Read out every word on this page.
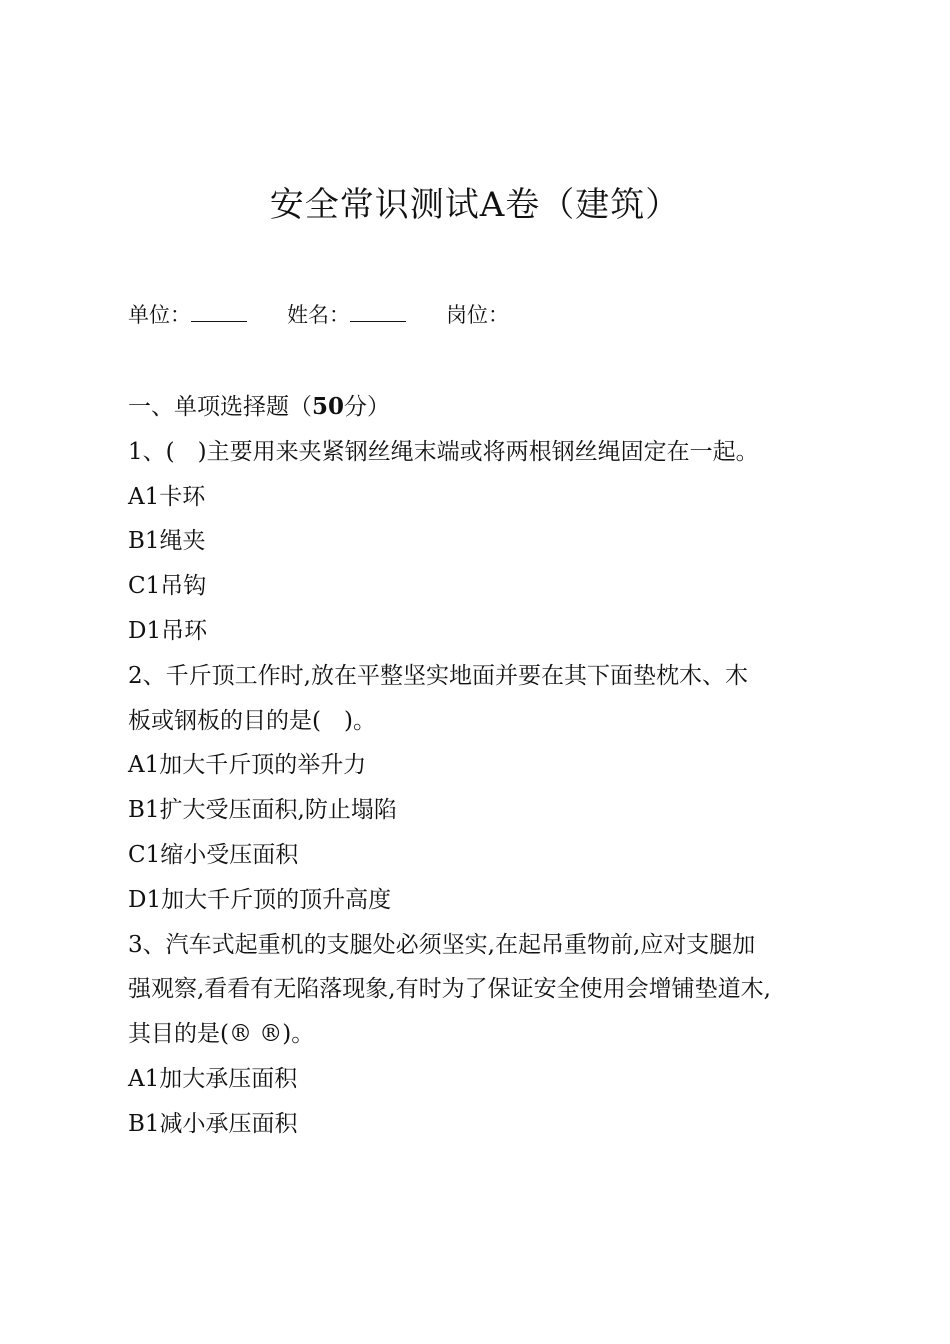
安全常识测试A卷（建筑）
单位：	姓名：	岗位：
一、单项选择题（50分）
1、(　)主要用来夹紧钢丝绳末端或将两根钢丝绳固定在一起。
A1卡环
B1绳夹
C1吊钩
D1吊环
2、千斤顶工作时,放在平整坚实地面并要在其下面垫枕木、木
板或钢板的目的是(　)。
A1加大千斤顶的举升力
B1扩大受压面积,防止塌陷
C1缩小受压面积
D1加大千斤顶的顶升高度
3、汽车式起重机的支腿处必须坚实,在起吊重物前,应对支腿加
强观察,看看有无陷落现象,有时为了保证安全使用会增铺垫道木,
其目的是(® ®)。
A1加大承压面积
B1减小承压面积
